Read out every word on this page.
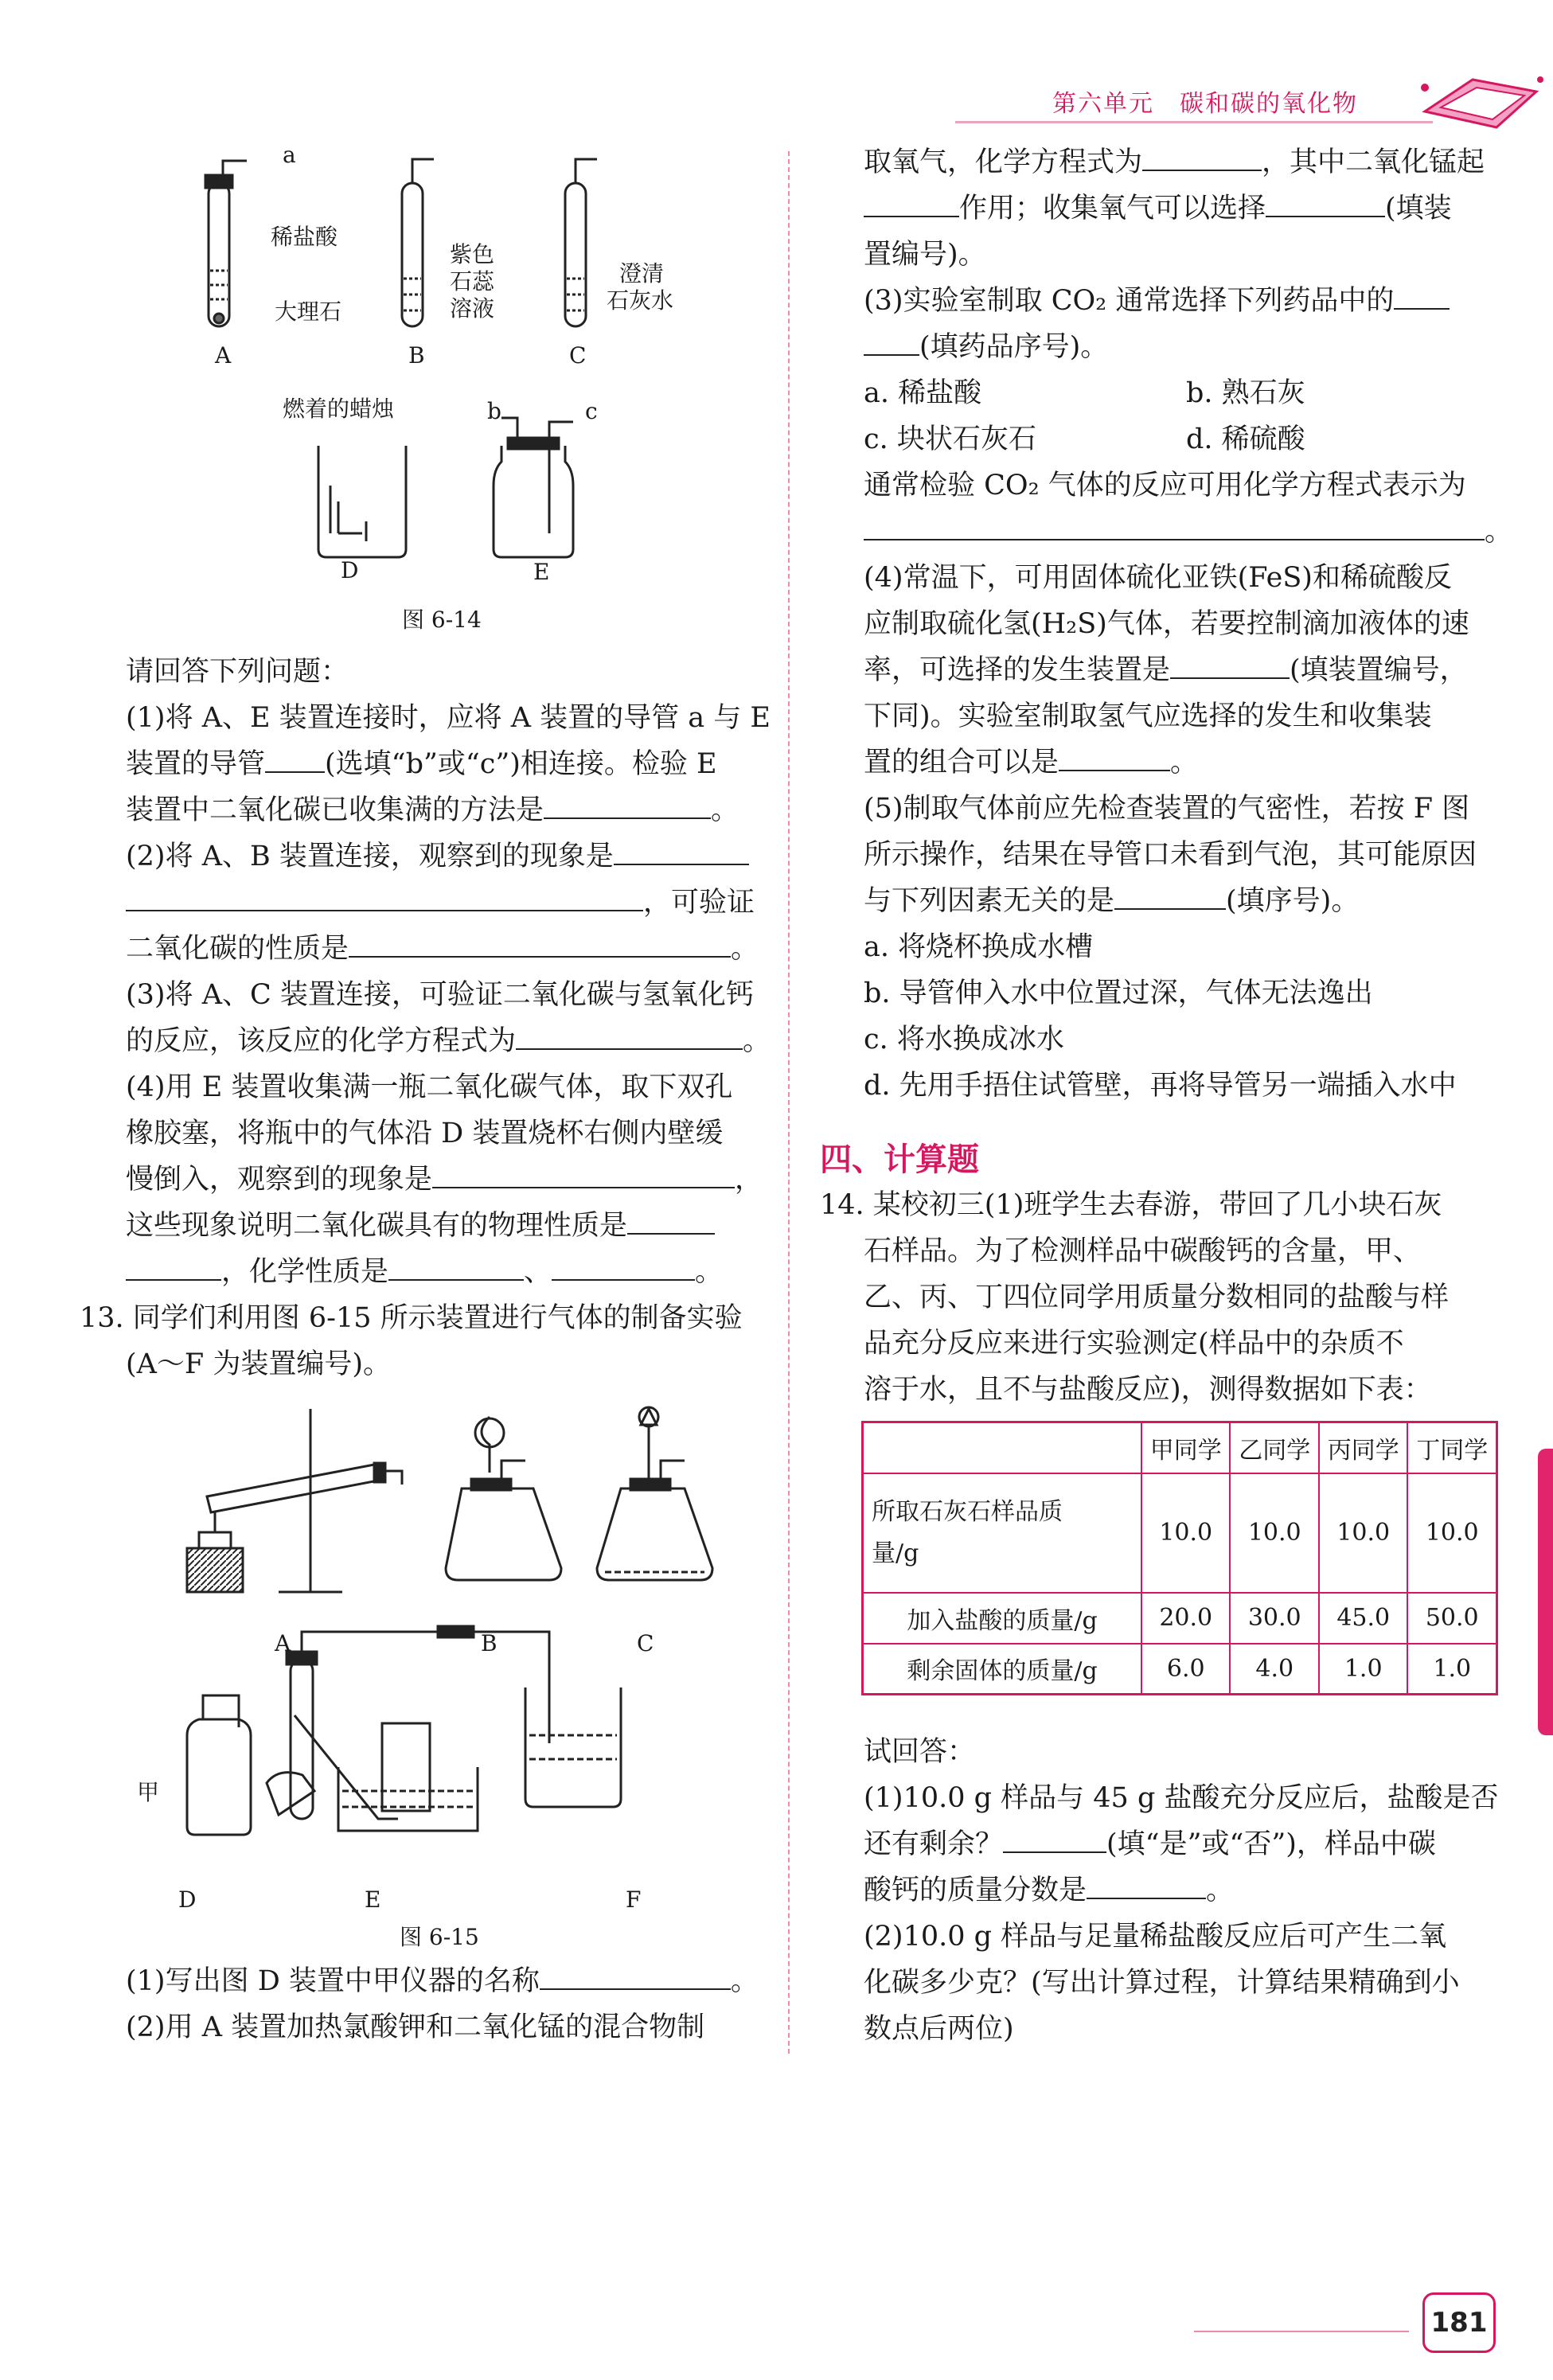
第六单元　碳和碳的氧化物
a
稀盐酸
大理石
A
紫色
石蕊
溶液
B
澄清
石灰水
C
燃着的蜡烛
D
b	c
E
图 6-14
请回答下列问题：
(1)将 A、E 装置连接时，应将 A 装置的导管 a 与 E
装置的导管 (选填“b”或“c”)相连接。检验 E
装置中二氧化碳已收集满的方法是	。
(2)将 A、B 装置连接，观察到的现象是
，可验证
二氧化碳的性质是	。
(3)将 A、C 装置连接，可验证二氧化碳与氢氧化钙
的反应，该反应的化学方程式为	。
(4)用 E 装置收集满一瓶二氧化碳气体，取下双孔
橡胶塞，将瓶中的气体沿 D 装置烧杯右侧内壁缓
慢倒入，观察到的现象是	，
这些现象说明二氧化碳具有的物理性质是
，化学性质是	、	。
13. 同学们利用图 6-15 所示装置进行气体的制备实验
(A～F 为装置编号)。
A	B	C
甲
D	E	F
图 6-15
(1)写出图 D 装置中甲仪器的名称	。
(2)用 A 装置加热氯酸钾和二氧化锰的混合物制
取氧气，化学方程式为	，其中二氧化锰起
作用；收集氧气可以选择	(填装
置编号)。
(3)实验室制取 CO₂ 通常选择下列药品中的
(填药品序号)。
a. 稀盐酸	b. 熟石灰
c. 块状石灰石	d. 稀硫酸
通常检验 CO₂ 气体的反应可用化学方程式表示为
。
(4)常温下，可用固体硫化亚铁(FeS)和稀硫酸反
应制取硫化氢(H₂S)气体，若要控制滴加液体的速
率，可选择的发生装置是	(填装置编号，
下同)。实验室制取氢气应选择的发生和收集装
置的组合可以是	。
(5)制取气体前应先检查装置的气密性，若按 F 图
所示操作，结果在导管口未看到气泡，其可能原因
与下列因素无关的是	(填序号)。
a. 将烧杯换成水槽
b. 导管伸入水中位置过深，气体无法逸出
c. 将水换成冰水
d. 先用手捂住试管壁，再将导管另一端插入水中
四、计算题
14. 某校初三(1)班学生去春游，带回了几小块石灰
石样品。为了检测样品中碳酸钙的含量，甲、
乙、丙、丁四位同学用质量分数相同的盐酸与样
品充分反应来进行实验测定(样品中的杂质不
溶于水，且不与盐酸反应)，测得数据如下表：
	甲同学	乙同学	丙同学	丁同学
所取石灰石样品质
量/g	10.0	10.0	10.0	10.0
加入盐酸的质量/g	20.0	30.0	45.0	50.0
剩余固体的质量/g	6.0	4.0	1.0	1.0
试回答：
(1)10.0 g 样品与 45 g 盐酸充分反应后，盐酸是否
还有剩余？	(填“是”或“否”)，样品中碳
酸钙的质量分数是	。
(2)10.0 g 样品与足量稀盐酸反应后可产生二氧
化碳多少克？(写出计算过程，计算结果精确到小
数点后两位)
181
